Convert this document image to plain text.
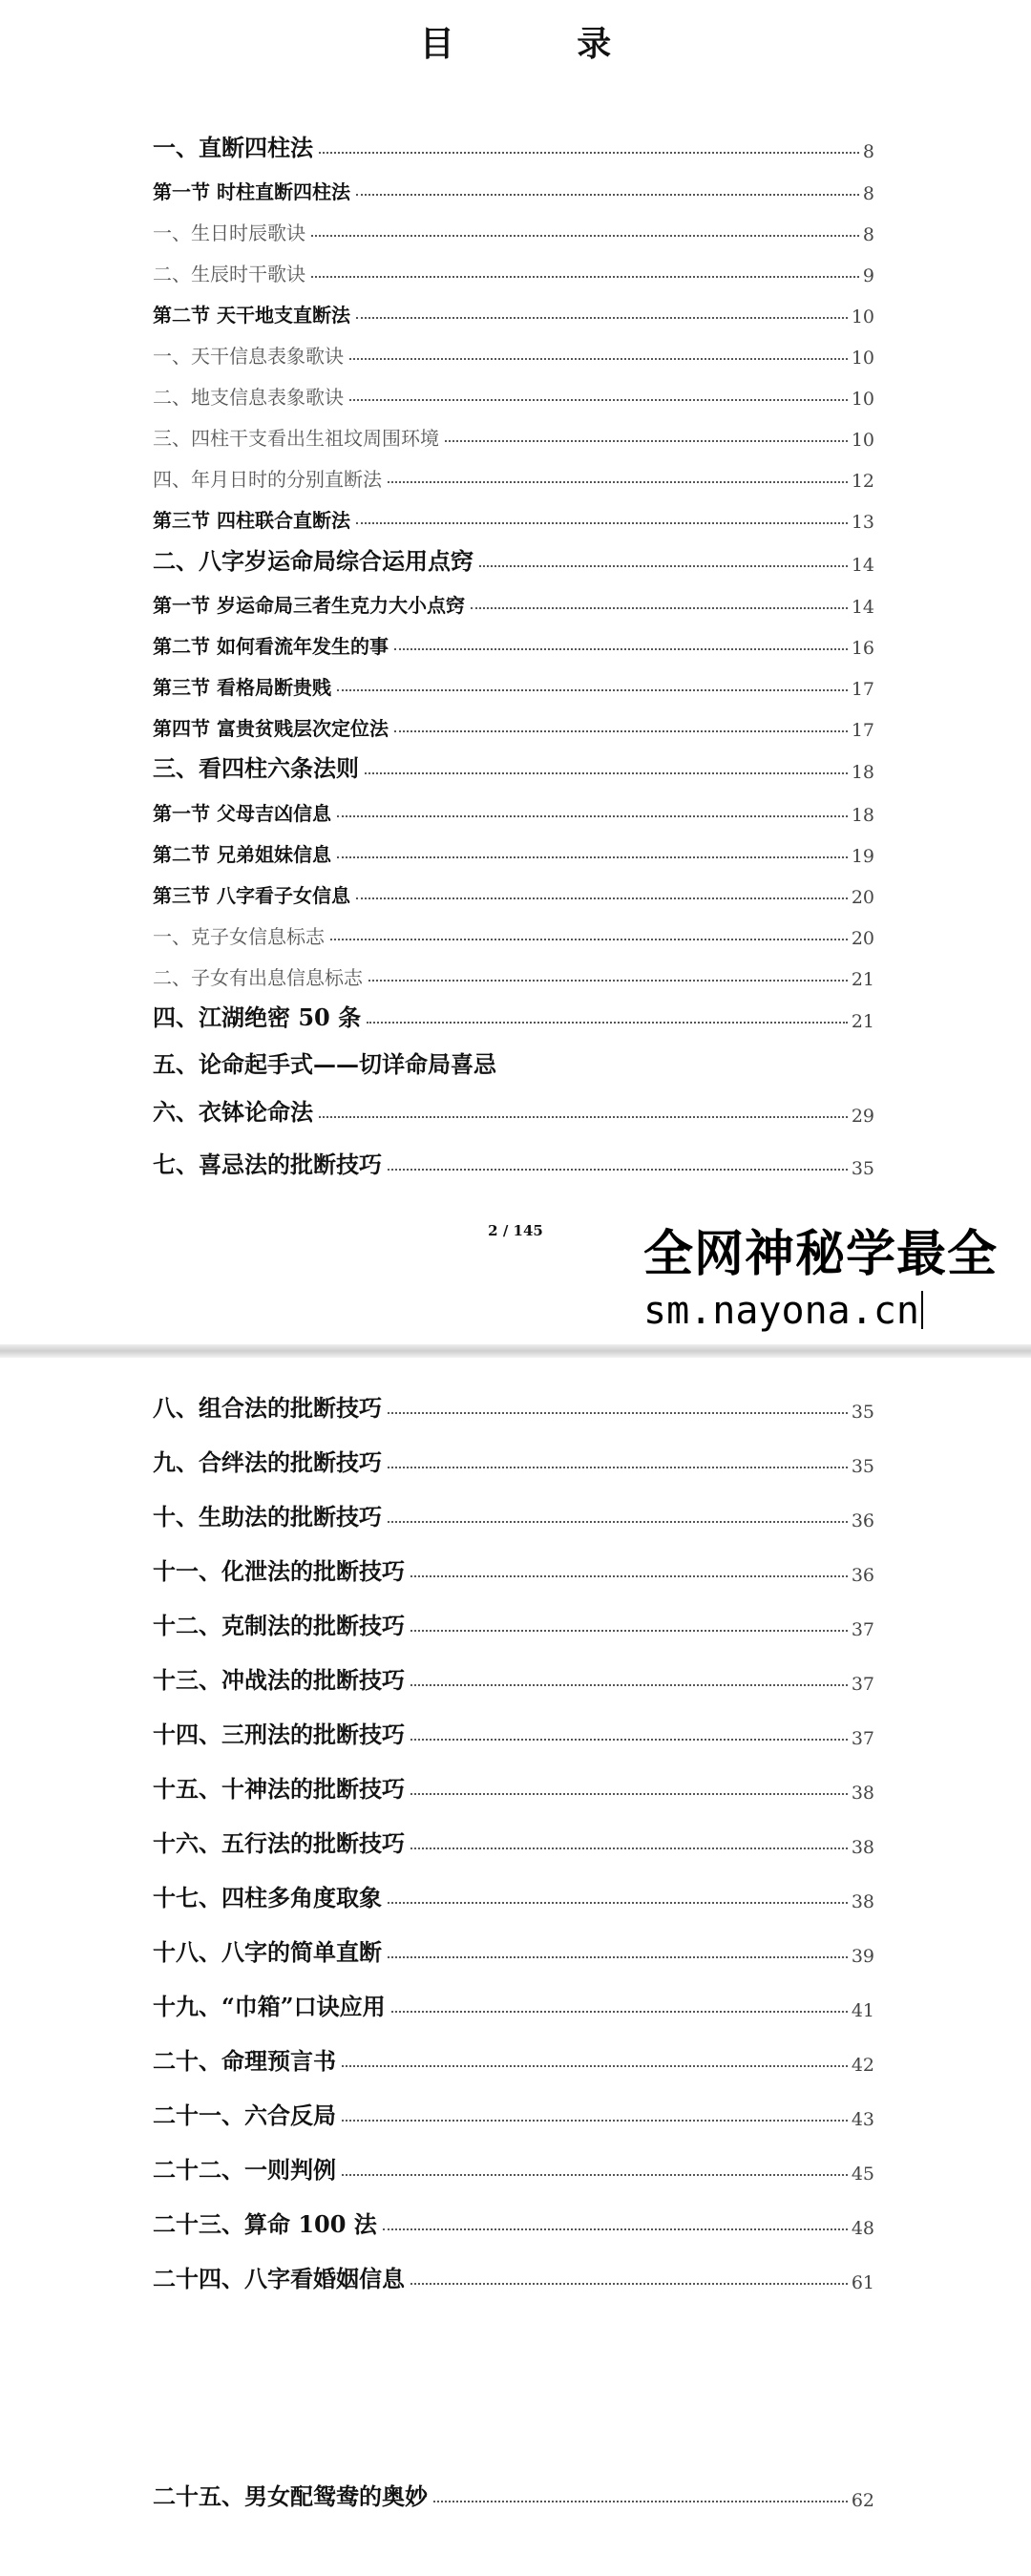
目 录
一、直断四柱法	8
第一节 时柱直断四柱法	8
一、生日时辰歌诀	8
二、生辰时干歌诀	9
第二节 天干地支直断法	10
一、天干信息表象歌诀	10
二、地支信息表象歌诀	10
三、四柱干支看出生祖坟周围环境	10
四、年月日时的分别直断法	12
第三节 四柱联合直断法	13
二、八字岁运命局综合运用点窍	14
第一节 岁运命局三者生克力大小点窍	14
第二节 如何看流年发生的事	16
第三节 看格局断贵贱	17
第四节 富贵贫贱层次定位法	17
三、看四柱六条法则	18
第一节 父母吉凶信息	18
第二节 兄弟姐妹信息	19
第三节 八字看子女信息	20
一、克子女信息标志	20
二、子女有出息信息标志	21
四、江湖绝密 50 条	21
五、论命起手式——切详命局喜忌
六、衣钵论命法	29
七、喜忌法的批断技巧	35
2 / 145	全网神秘学最全
sm.nayona.cn
八、组合法的批断技巧	35
九、合绊法的批断技巧	35
十、生助法的批断技巧	36
十一、化泄法的批断技巧	36
十二、克制法的批断技巧	37
十三、冲战法的批断技巧	37
十四、三刑法的批断技巧	37
十五、十神法的批断技巧	38
十六、五行法的批断技巧	38
十七、四柱多角度取象	38
十八、八字的简单直断	39
十九、“巾箱”口诀应用	41
二十、命理预言书	42
二十一、六合反局	43
二十二、一则判例	45
二十三、算命 100 法	48
二十四、八字看婚姻信息	61
二十五、男女配鸳鸯的奥妙	62
